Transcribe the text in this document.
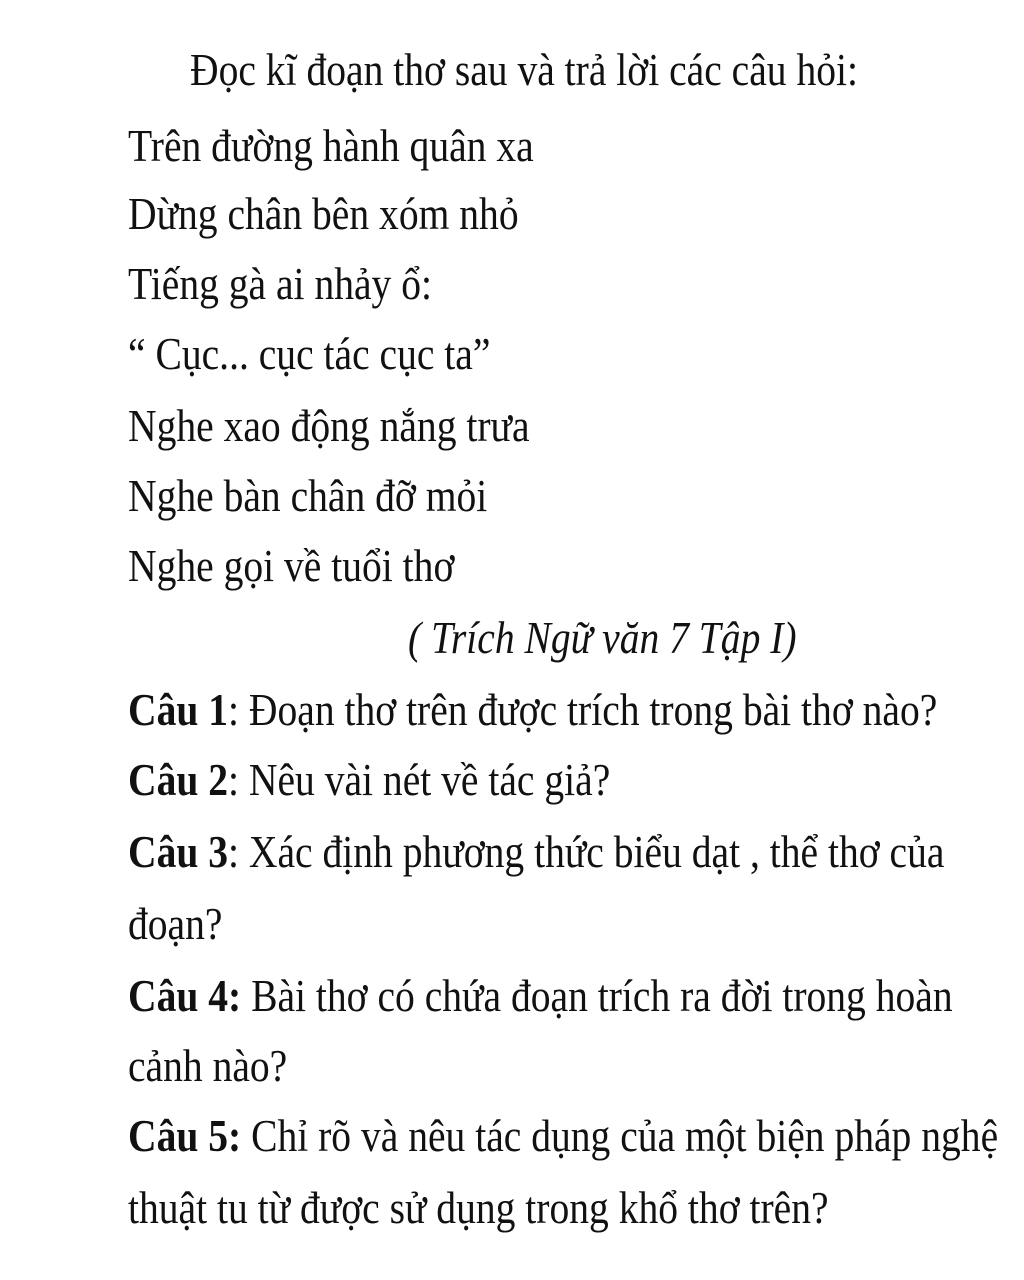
Đọc kĩ đoạn thơ sau và trả lời các câu hỏi:
Trên đường hành quân xa
Dừng chân bên xóm nhỏ
Tiếng gà ai nhảy ổ:
“ Cục... cục tác cục ta”
Nghe xao động nắng trưa
Nghe bàn chân đỡ mỏi
Nghe gọi về tuổi thơ
( Trích Ngữ văn 7 Tập I)
Câu 1: Đoạn thơ trên được trích trong bài thơ nào?
Câu 2: Nêu vài nét về tác giả?
Câu 3: Xác định phương thức biểu dạt , thể thơ của
đoạn?
Câu 4: Bài thơ có chứa đoạn trích ra đời trong hoàn
cảnh nào?
Câu 5: Chỉ rõ và nêu tác dụng của một biện pháp nghệ
thuật tu từ được sử dụng trong khổ thơ trên?
